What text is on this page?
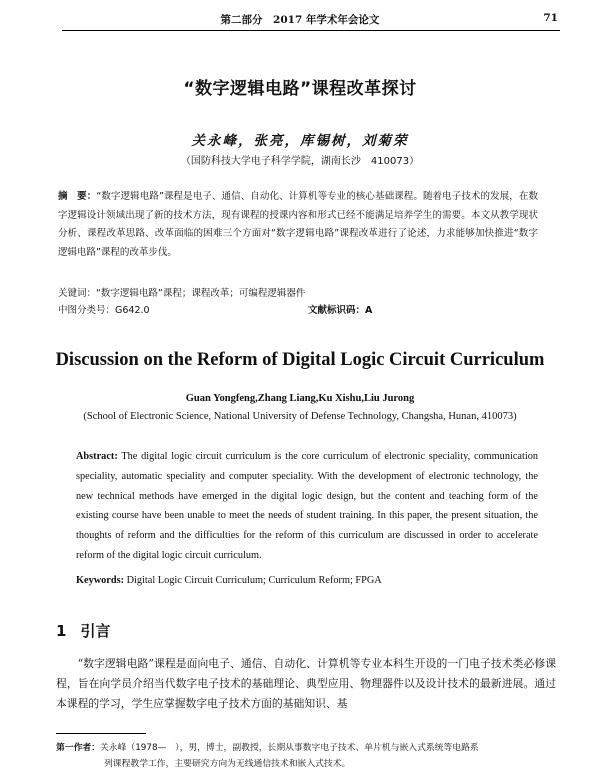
第二部分　2017 年学术年会论文	71
“数字逻辑电路”课程改革探讨
关永峰，张亮，库锡树，刘菊荣
（国防科技大学电子科学学院，湖南长沙　410073）
摘　要：“数字逻辑电路”课程是电子、通信、自动化、计算机等专业的核心基础课程。随着电子技术的发展，在数字逻辑设计领域出现了新的技术方法，现有课程的授课内容和形式已经不能满足培养学生的需要。本文从教学现状分析、课程改革思路、改革面临的困难三个方面对“数字逻辑电路”课程改革进行了论述，力求能够加快推进“数字逻辑电路”课程的改革步伐。
关键词：“数字逻辑电路”课程；课程改革；可编程逻辑器件
中图分类号：G642.0	文献标识码：A
Discussion on the Reform of Digital Logic Circuit Curriculum
Guan Yongfeng,Zhang Liang,Ku Xishu,Liu Jurong
(School of Electronic Science, National University of Defense Technology, Changsha, Hunan, 410073)
Abstract: The digital logic circuit curriculum is the core curriculum of electronic speciality, communication speciality, automatic speciality and computer speciality. With the development of electronic technology, the new technical methods have emerged in the digital logic design, but the content and teaching form of the existing course have been unable to meet the needs of student training. In this paper, the present situation, the thoughts of reform and the difficulties for the reform of this curriculum are discussed in order to accelerate reform of the digital logic circuit curriculum.
Keywords: Digital Logic Circuit Curriculum; Curriculum Reform; FPGA
1 引言
“数字逻辑电路”课程是面向电子、通信、自动化、计算机等专业本科生开设的一门电子技术类必修课程，旨在向学员介绍当代数字电子技术的基础理论、典型应用、物理器件以及设计技术的最新进展。通过本课程的学习，学生应掌握数字电子技术方面的基础知识、基
第一作者：关永峰（1978—　），男，博士，副教授，长期从事数字电子技术、单片机与嵌入式系统等电路系
列课程教学工作，主要研究方向为无线通信技术和嵌入式技术。
